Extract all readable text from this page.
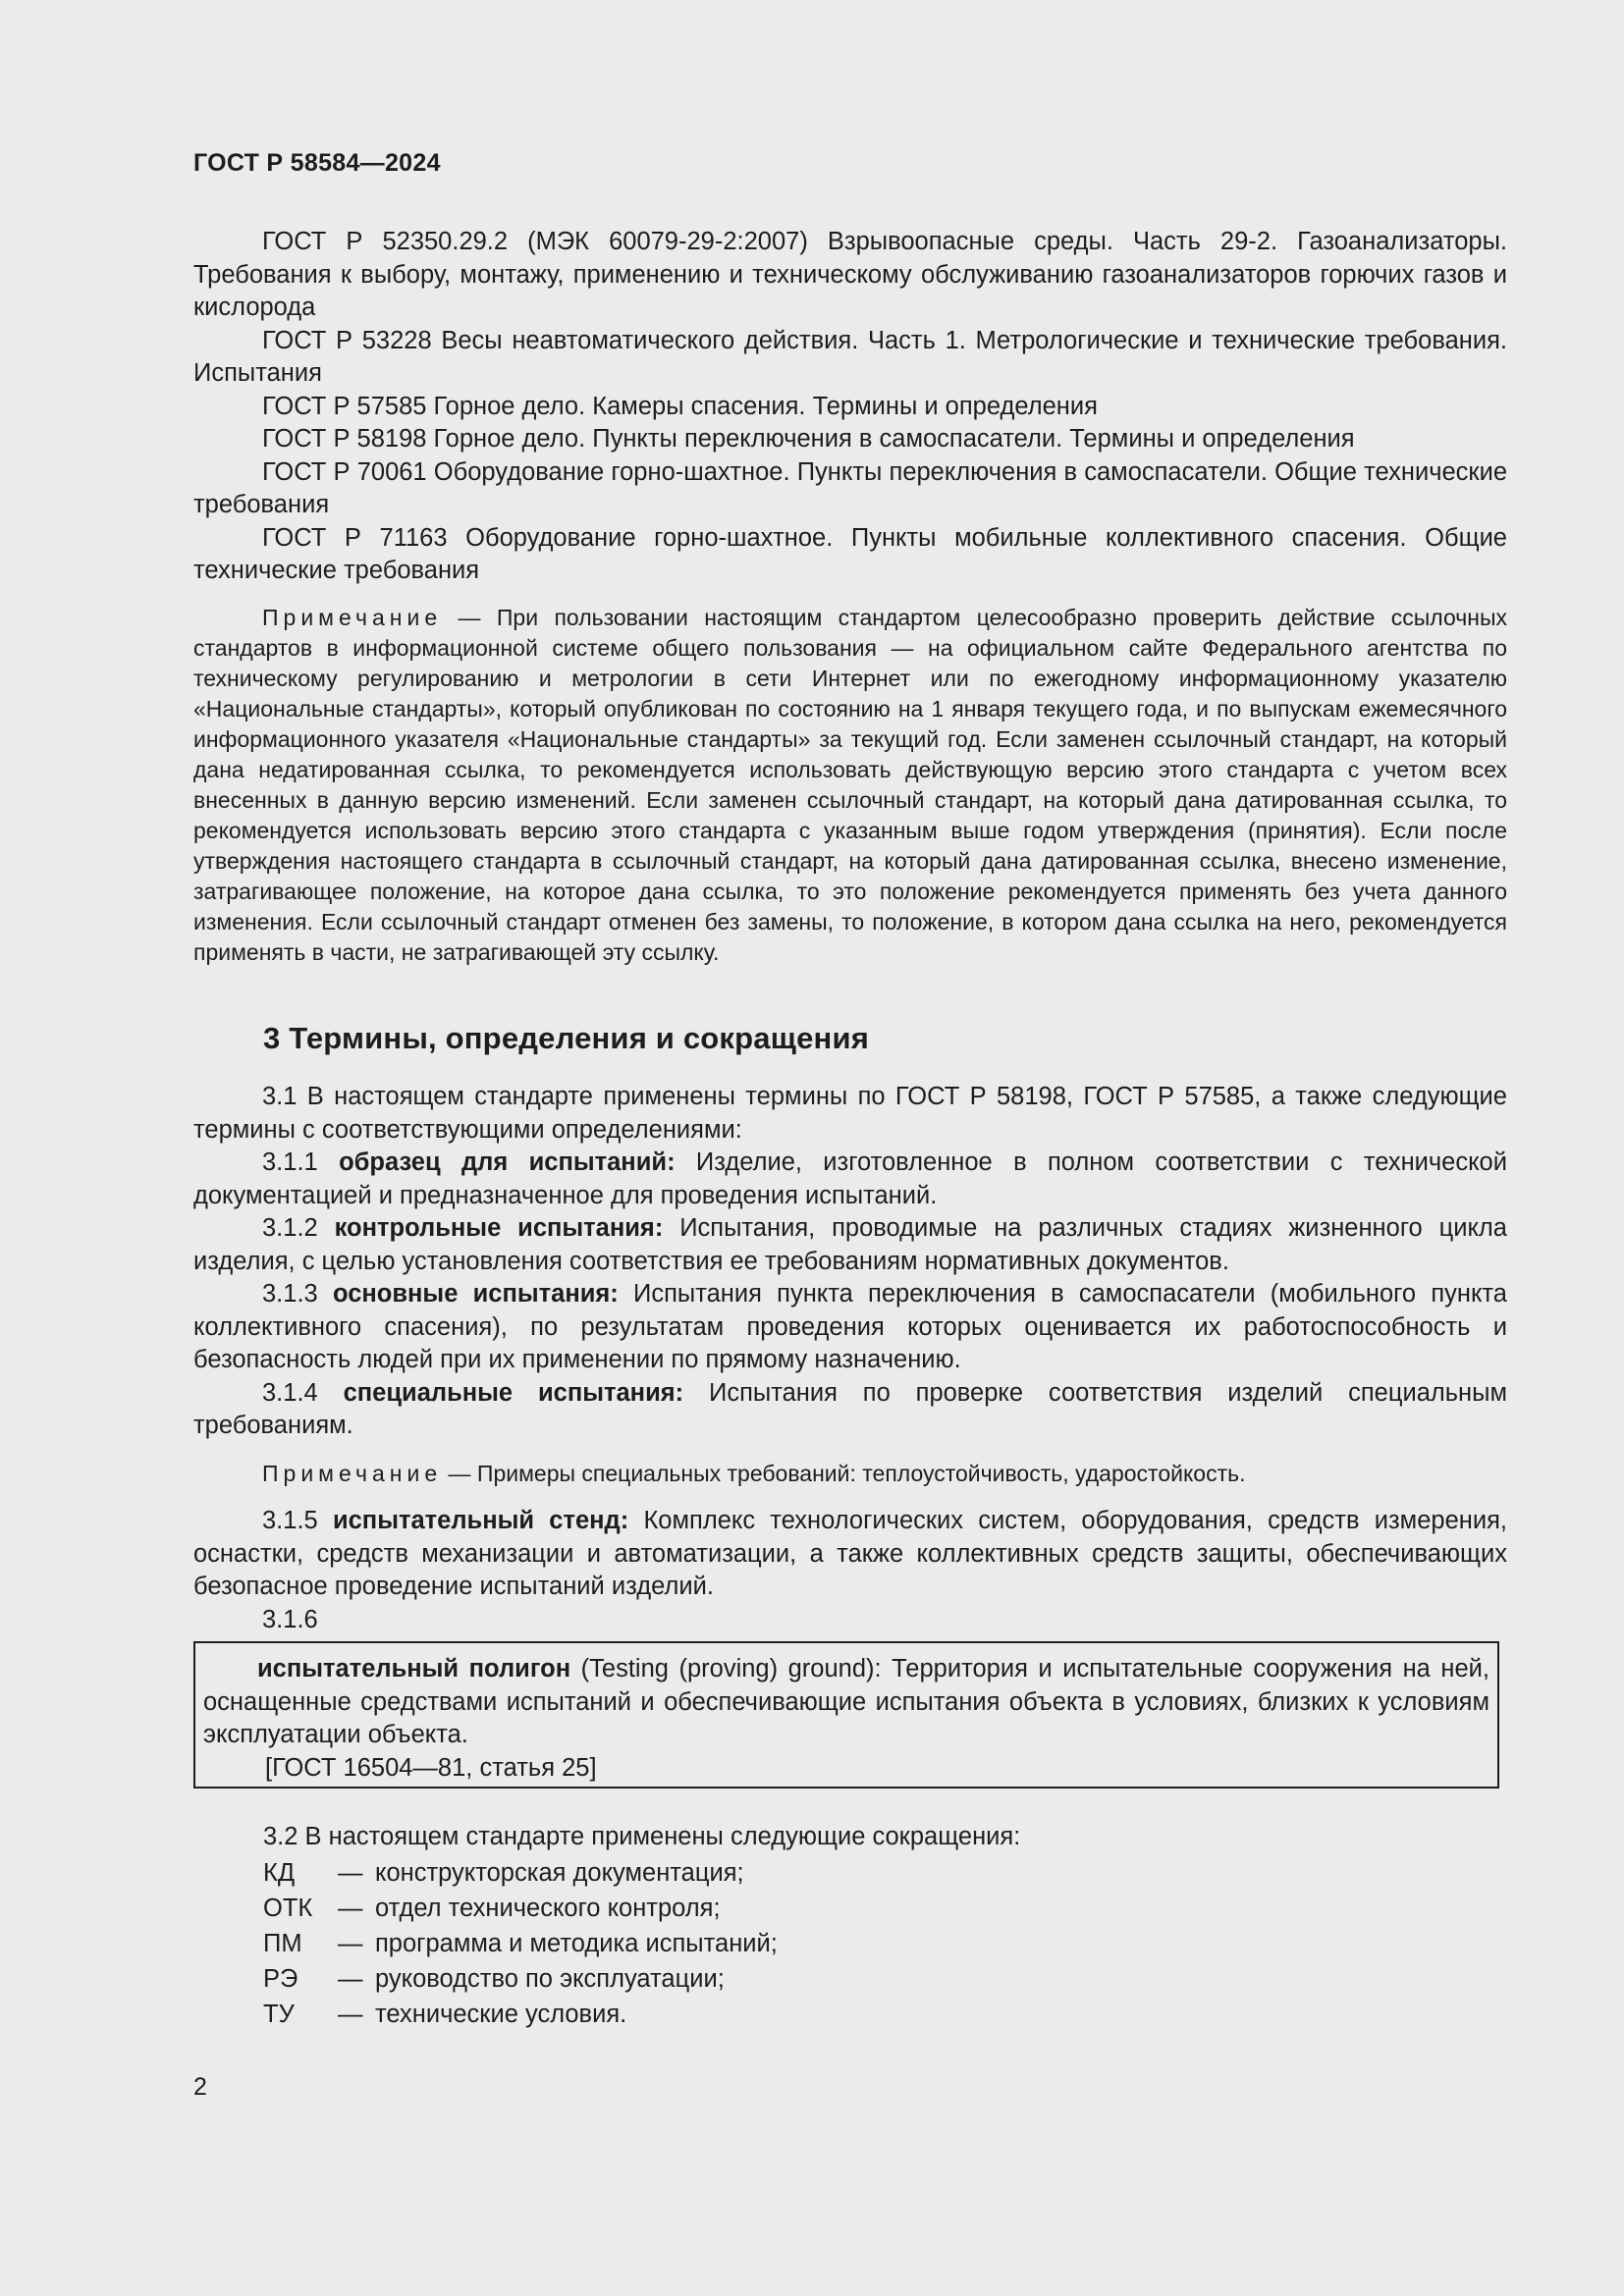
ГОСТ Р 58584—2024

ГОСТ Р 52350.29.2 (МЭК 60079-29-2:2007) Взрывоопасные среды. Часть 29-2. Газоанализаторы. Требования к выбору, монтажу, применению и техническому обслуживанию газоанализаторов горючих газов и кислорода

ГОСТ Р 53228 Весы неавтоматического действия. Часть 1. Метрологические и технические требования. Испытания

ГОСТ Р 57585 Горное дело. Камеры спасения. Термины и определения

ГОСТ Р 58198 Горное дело. Пункты переключения в самоспасатели. Термины и определения

ГОСТ Р 70061 Оборудование горно-шахтное. Пункты переключения в самоспасатели. Общие технические требования

ГОСТ Р 71163 Оборудование горно-шахтное. Пункты мобильные коллективного спасения. Общие технические требования

Примечание — При пользовании настоящим стандартом целесообразно проверить действие ссылочных стандартов в информационной системе общего пользования — на официальном сайте Федерального агентства по техническому регулированию и метрологии в сети Интернет или по ежегодному информационному указателю «Национальные стандарты», который опубликован по состоянию на 1 января текущего года, и по выпускам ежемесячного информационного указателя «Национальные стандарты» за текущий год. Если заменен ссылочный стандарт, на который дана недатированная ссылка, то рекомендуется использовать действующую версию этого стандарта с учетом всех внесенных в данную версию изменений. Если заменен ссылочный стандарт, на который дана датированная ссылка, то рекомендуется использовать версию этого стандарта с указанным выше годом утверждения (принятия). Если после утверждения настоящего стандарта в ссылочный стандарт, на который дана датированная ссылка, внесено изменение, затрагивающее положение, на которое дана ссылка, то это положение рекомендуется применять без учета данного изменения. Если ссылочный стандарт отменен без замены, то положение, в котором дана ссылка на него, рекомендуется применять в части, не затрагивающей эту ссылку.

3 Термины, определения и сокращения

3.1 В настоящем стандарте применены термины по ГОСТ Р 58198, ГОСТ Р 57585, а также следующие термины с соответствующими определениями:

3.1.1 образец для испытаний: Изделие, изготовленное в полном соответствии с технической документацией и предназначенное для проведения испытаний.

3.1.2 контрольные испытания: Испытания, проводимые на различных стадиях жизненного цикла изделия, с целью установления соответствия ее требованиям нормативных документов.

3.1.3 основные испытания: Испытания пункта переключения в самоспасатели (мобильного пункта коллективного спасения), по результатам проведения которых оценивается их работоспособность и безопасность людей при их применении по прямому назначению.

3.1.4 специальные испытания: Испытания по проверке соответствия изделий специальным требованиям.

Примечание — Примеры специальных требований: теплоустойчивость, ударостойкость.

3.1.5 испытательный стенд: Комплекс технологических систем, оборудования, средств измерения, оснастки, средств механизации и автоматизации, а также коллективных средств защиты, обеспечивающих безопасное проведение испытаний изделий.

3.1.6

испытательный полигон (Testing (proving) ground): Территория и испытательные сооружения на ней, оснащенные средствами испытаний и обеспечивающие испытания объекта в условиях, близких к условиям эксплуатации объекта.

[ГОСТ 16504—81, статья 25]

3.2 В настоящем стандарте применены следующие сокращения:

КД	— конструкторская документация;
ОТК	— отдел технического контроля;
ПМ	— программа и методика испытаний;
РЭ	— руководство по эксплуатации;
ТУ	— технические условия.
2
